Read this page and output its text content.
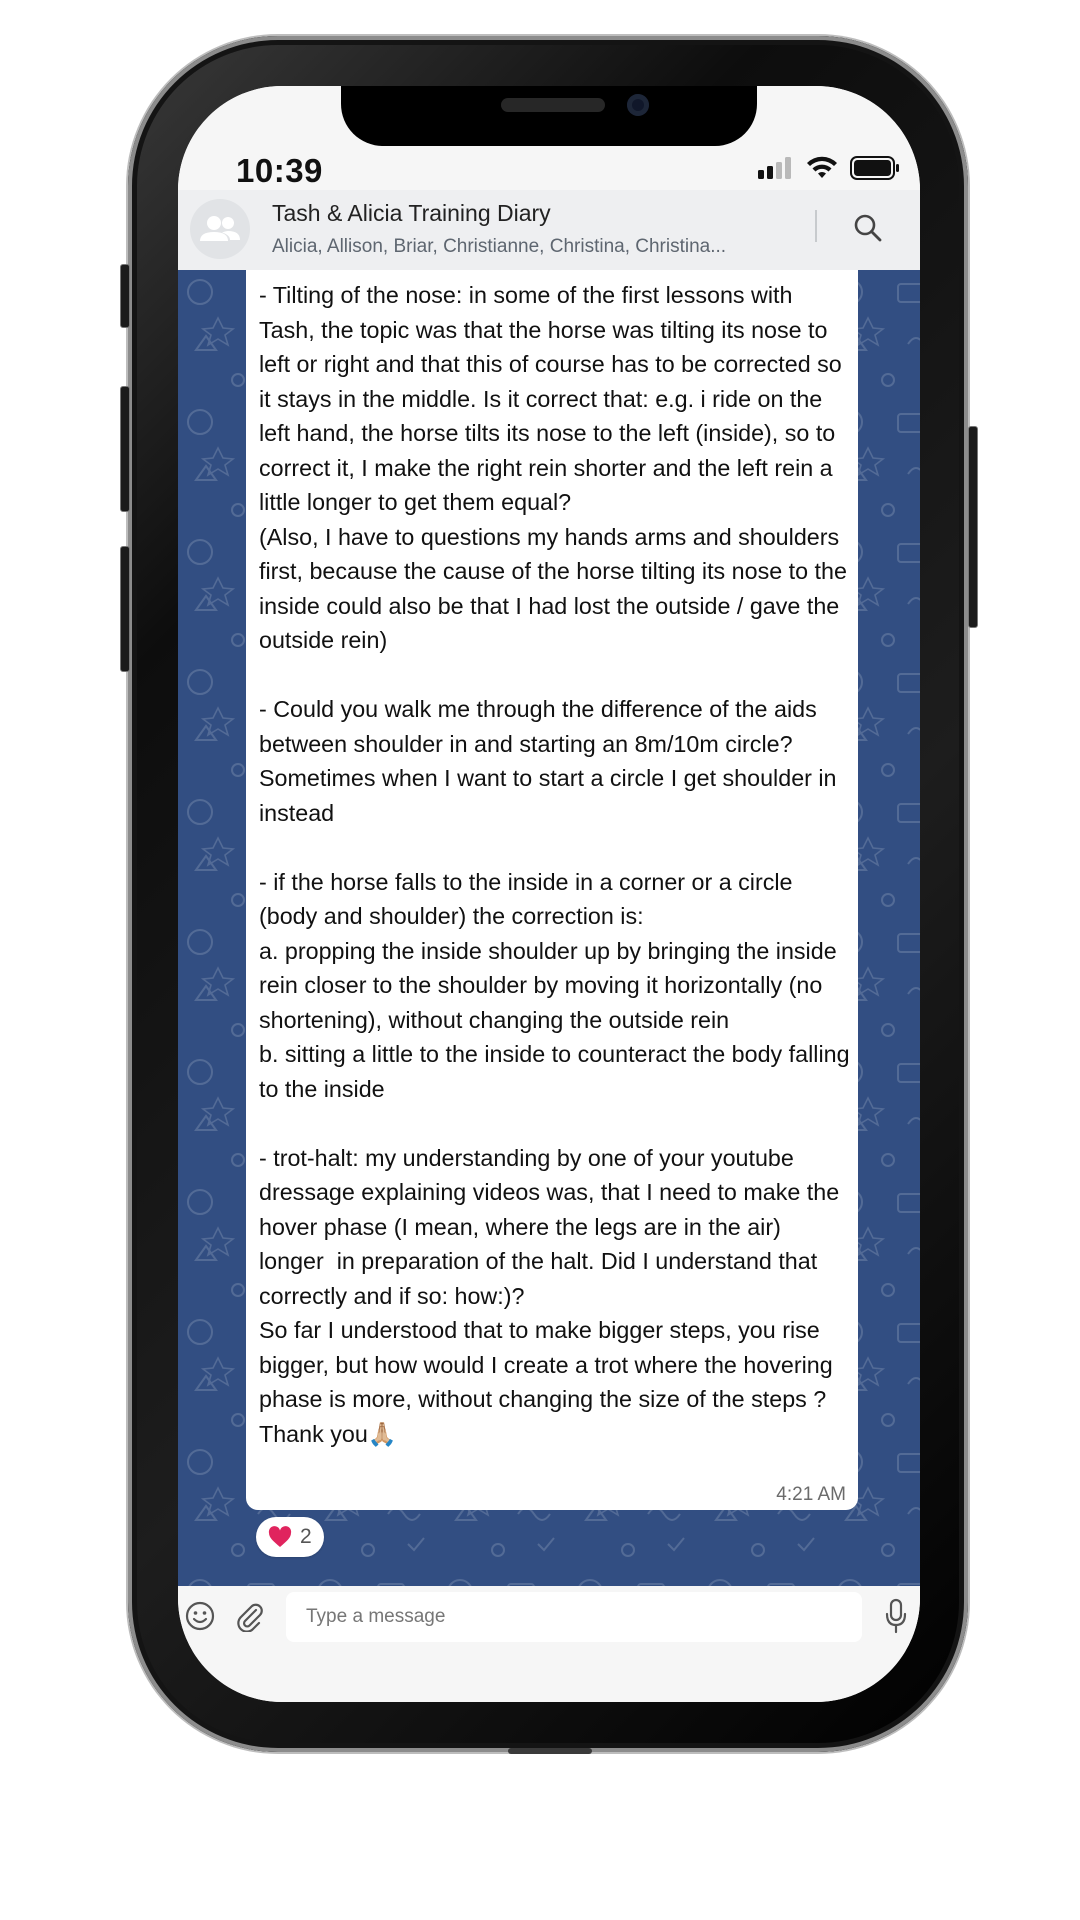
10:39
Tash & Alicia Training Diary
Alicia, Allison, Briar, Christianne, Christina, Christina...
- Tilting of the nose: in some of the first lessons with Tash, the topic was that the horse was tilting its nose to left or right and that this of course has to be corrected so it stays in the middle. Is it correct that: e.g. i ride on the left hand, the horse tilts its nose to the left (inside), so to correct it, I make the right rein shorter and the left rein a little longer to get them equal?
(Also, I have to questions my hands arms and shoulders first, because the cause of the horse tilting its nose to the inside could also be that I had lost the outside / gave the outside rein)

- Could you walk me through the difference of the aids between shoulder in and starting an 8m/10m circle? Sometimes when I want to start a circle I get shoulder in instead

- if the horse falls to the inside in a corner or a circle (body and shoulder) the correction is:
a. propping the inside shoulder up by bringing the inside rein closer to the shoulder by moving it horizontally (no shortening), without changing the outside rein
b. sitting a little to the inside to counteract the body falling to the inside

- trot-halt: my understanding by one of your youtube dressage explaining videos was, that I need to make the hover phase (I mean, where the legs are in the air) longer  in preparation of the halt. Did I understand that correctly and if so: how:)?
So far I understood that to make bigger steps, you rise bigger, but how would I create a trot where the hovering phase is more, without changing the size of the steps ?
Thank you🙏🏼
4:21 AM
2
Type a message
